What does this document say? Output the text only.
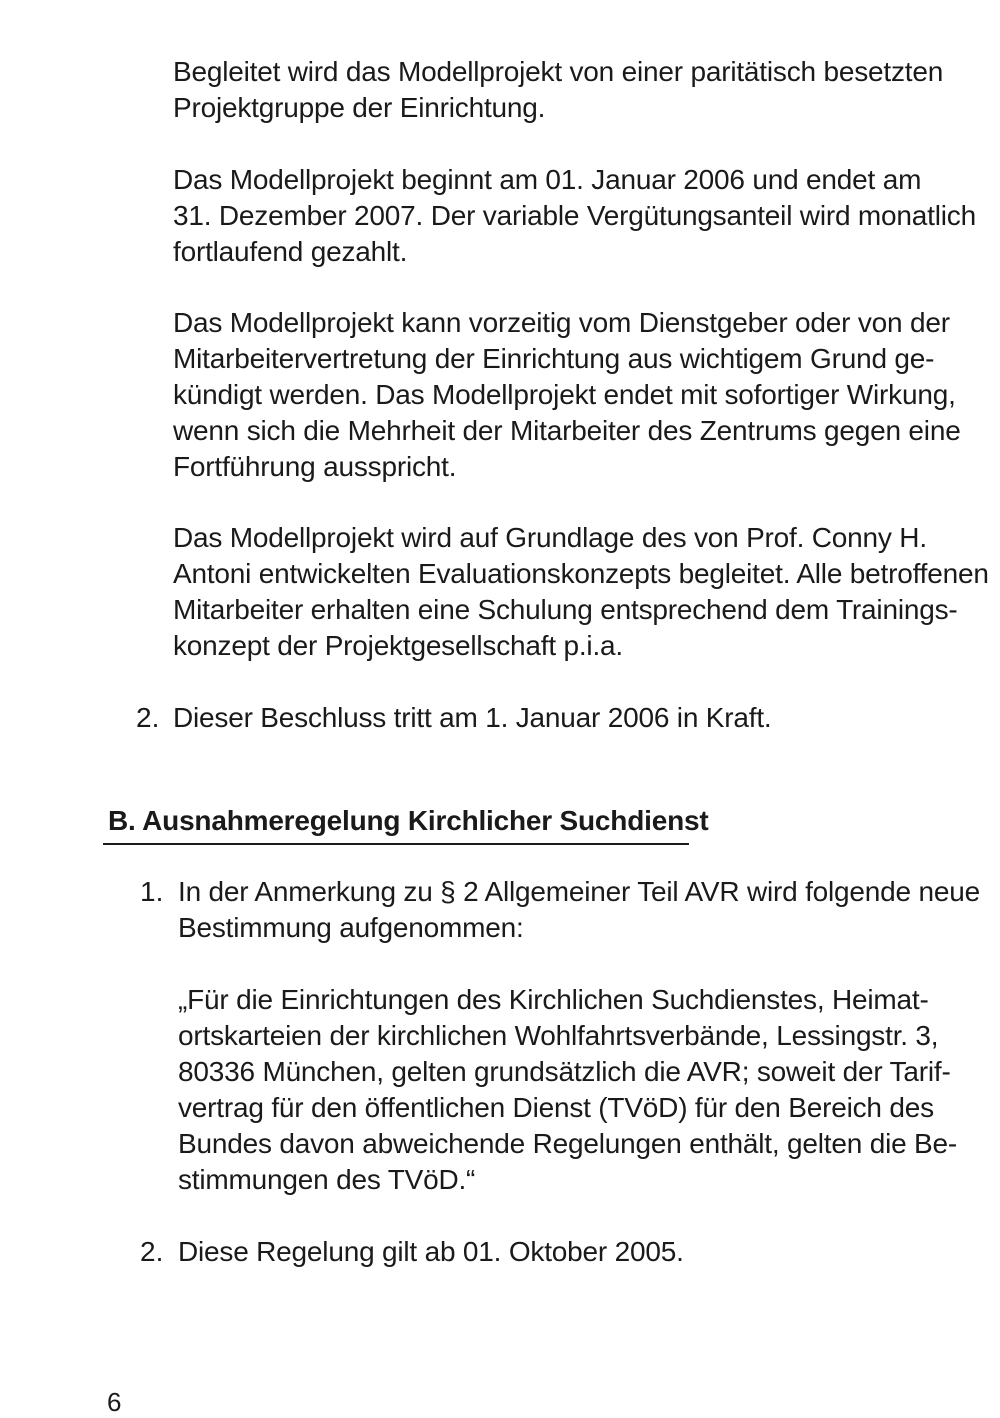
Begleitet wird das Modellprojekt von einer paritätisch besetzten
Projektgruppe der Einrichtung.
Das Modellprojekt beginnt am 01. Januar 2006 und endet am
31. Dezember 2007. Der variable Vergütungsanteil wird monatlich
fortlaufend gezahlt.
Das Modellprojekt kann vorzeitig vom Dienstgeber oder von der
Mitarbeitervertretung der Einrichtung aus wichtigem Grund ge-
kündigt werden. Das Modellprojekt endet mit sofortiger Wirkung,
wenn sich die Mehrheit der Mitarbeiter des Zentrums gegen eine
Fortführung ausspricht.
Das Modellprojekt wird auf Grundlage des von Prof. Conny H.
Antoni entwickelten Evaluationskonzepts begleitet. Alle betroffenen
Mitarbeiter erhalten eine Schulung entsprechend dem Trainings-
konzept der Projektgesellschaft p.i.a.
2. Dieser Beschluss tritt am 1. Januar 2006 in Kraft.
B. Ausnahmeregelung Kirchlicher Suchdienst
1. In der Anmerkung zu § 2 Allgemeiner Teil AVR wird folgende neue
Bestimmung aufgenommen:
„Für die Einrichtungen des Kirchlichen Suchdienstes, Heimat-
ortskarteien der kirchlichen Wohlfahrtsverbände, Lessingstr. 3,
80336 München, gelten grundsätzlich die AVR; soweit der Tarif-
vertrag für den öffentlichen Dienst (TVöD) für den Bereich des
Bundes davon abweichende Regelungen enthält, gelten die Be-
stimmungen des TVöD.“
2. Diese Regelung gilt ab 01. Oktober 2005.
6
